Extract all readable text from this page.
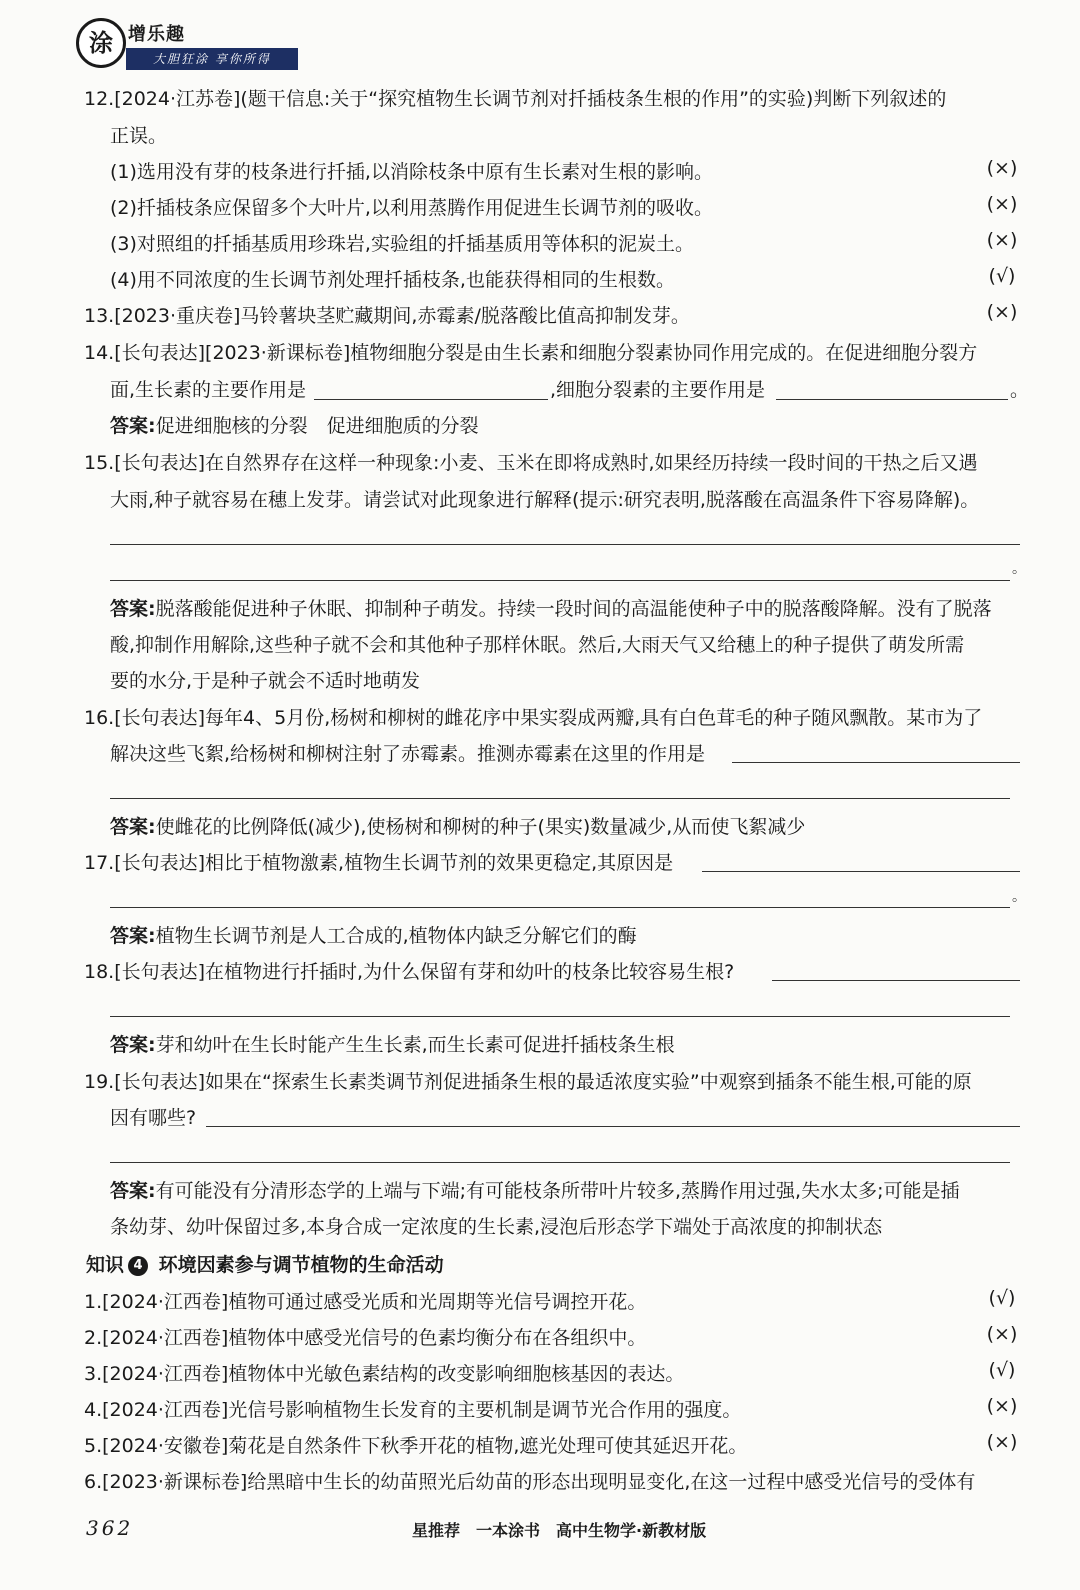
涂 增乐趣
大胆狂涂 享你所得
12.[2024·江苏卷](题干信息:关于“探究植物生长调节剂对扦插枝条生根的作用”的实验)判断下列叙述的
正误。
(1)选用没有芽的枝条进行扦插,以消除枝条中原有生长素对生根的影响。	(×)
(2)扦插枝条应保留多个大叶片,以利用蒸腾作用促进生长调节剂的吸收。	(×)
(3)对照组的扦插基质用珍珠岩,实验组的扦插基质用等体积的泥炭土。	(×)
(4)用不同浓度的生长调节剂处理扦插枝条,也能获得相同的生根数。	(√)
13.[2023·重庆卷]马铃薯块茎贮藏期间,赤霉素/脱落酸比值高抑制发芽。	(×)
14.[长句表达][2023·新课标卷]植物细胞分裂是由生长素和细胞分裂素协同作用完成的。在促进细胞分裂方
面,生长素的主要作用是	,细胞分裂素的主要作用是	。
答案:促进细胞核的分裂　促进细胞质的分裂
15.[长句表达]在自然界存在这样一种现象:小麦、玉米在即将成熟时,如果经历持续一段时间的干热之后又遇
大雨,种子就容易在穗上发芽。请尝试对此现象进行解释(提示:研究表明,脱落酸在高温条件下容易降解)。
。
答案:脱落酸能促进种子休眠、抑制种子萌发。持续一段时间的高温能使种子中的脱落酸降解。没有了脱落
酸,抑制作用解除,这些种子就不会和其他种子那样休眠。然后,大雨天气又给穗上的种子提供了萌发所需
要的水分,于是种子就会不适时地萌发
16.[长句表达]每年4、5月份,杨树和柳树的雌花序中果实裂成两瓣,具有白色茸毛的种子随风飘散。某市为了
解决这些飞絮,给杨树和柳树注射了赤霉素。推测赤霉素在这里的作用是
答案:使雌花的比例降低(减少),使杨树和柳树的种子(果实)数量减少,从而使飞絮减少
17.[长句表达]相比于植物激素,植物生长调节剂的效果更稳定,其原因是
。
答案:植物生长调节剂是人工合成的,植物体内缺乏分解它们的酶
18.[长句表达]在植物进行扦插时,为什么保留有芽和幼叶的枝条比较容易生根?
答案:芽和幼叶在生长时能产生生长素,而生长素可促进扦插枝条生根
19.[长句表达]如果在“探索生长素类调节剂促进插条生根的最适浓度实验”中观察到插条不能生根,可能的原
因有哪些?
答案:有可能没有分清形态学的上端与下端;有可能枝条所带叶片较多,蒸腾作用过强,失水太多;可能是插
条幼芽、幼叶保留过多,本身合成一定浓度的生长素,浸泡后形态学下端处于高浓度的抑制状态
知识 4 环境因素参与调节植物的生命活动
1.[2024·江西卷]植物可通过感受光质和光周期等光信号调控开花。	(√)
2.[2024·江西卷]植物体中感受光信号的色素均衡分布在各组织中。	(×)
3.[2024·江西卷]植物体中光敏色素结构的改变影响细胞核基因的表达。	(√)
4.[2024·江西卷]光信号影响植物生长发育的主要机制是调节光合作用的强度。	(×)
5.[2024·安徽卷]菊花是自然条件下秋季开花的植物,遮光处理可使其延迟开花。	(×)
6.[2023·新课标卷]给黑暗中生长的幼苗照光后幼苗的形态出现明显变化,在这一过程中感受光信号的受体有
362	星推荐　一本涂书　高中生物学·新教材版
